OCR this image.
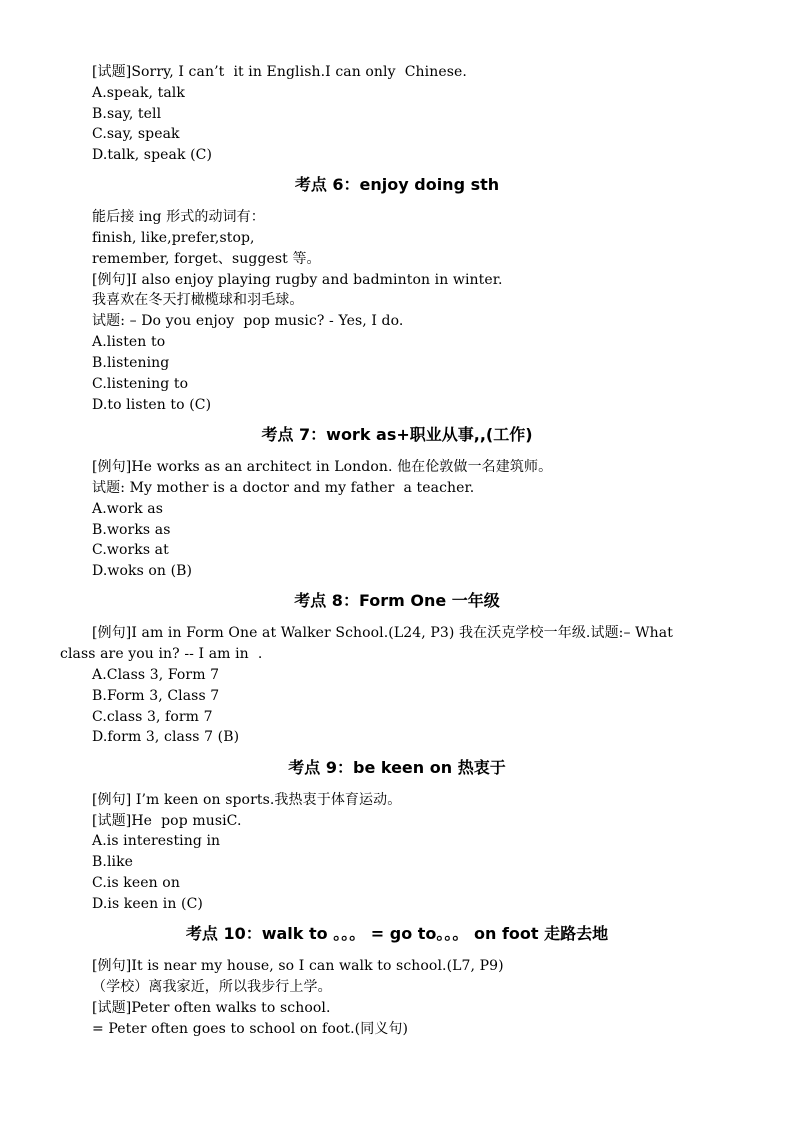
[试题]Sorry, I can’t  it in English.I can only  Chinese.
A.speak, talk
B.say, tell
C.say, speak
D.talk, speak (C)
考点 6：enjoy doing sth
能后接 ing 形式的动词有：
finish, like,prefer,stop,
remember, forget、suggest 等。
[例句]I also enjoy playing rugby and badminton in winter.
我喜欢在冬天打橄榄球和羽毛球。
试题: – Do you enjoy  pop music? - Yes, I do.
A.listen to
B.listening
C.listening to
D.to listen to (C)
考点 7：work as+职业从事,,(工作)
[例句]He works as an architect in London. 他在伦敦做一名建筑师。
试题: My mother is a doctor and my father  a teacher.
A.work as
B.works as
C.works at
D.woks on (B)
考点 8：Form One 一年级
[例句]I am in Form One at Walker School.(L24, P3) 我在沃克学校一年级.试题:– What
class are you in? -- I am in  .
A.Class 3, Form 7
B.Form 3, Class 7
C.class 3, form 7
D.form 3, class 7 (B)
考点 9：be keen on 热衷于
[例句] I’m keen on sports.我热衷于体育运动。
[试题]He  pop musiC.
A.is interesting in
B.like
C.is keen on
D.is keen in (C)
考点 10：walk to 。。。 = go to。。。 on foot 走路去地
[例句]It is near my house, so I can walk to school.(L7, P9)
（学校）离我家近，所以我步行上学。
[试题]Peter often walks to school.
= Peter often goes to school on foot.(同义句)
